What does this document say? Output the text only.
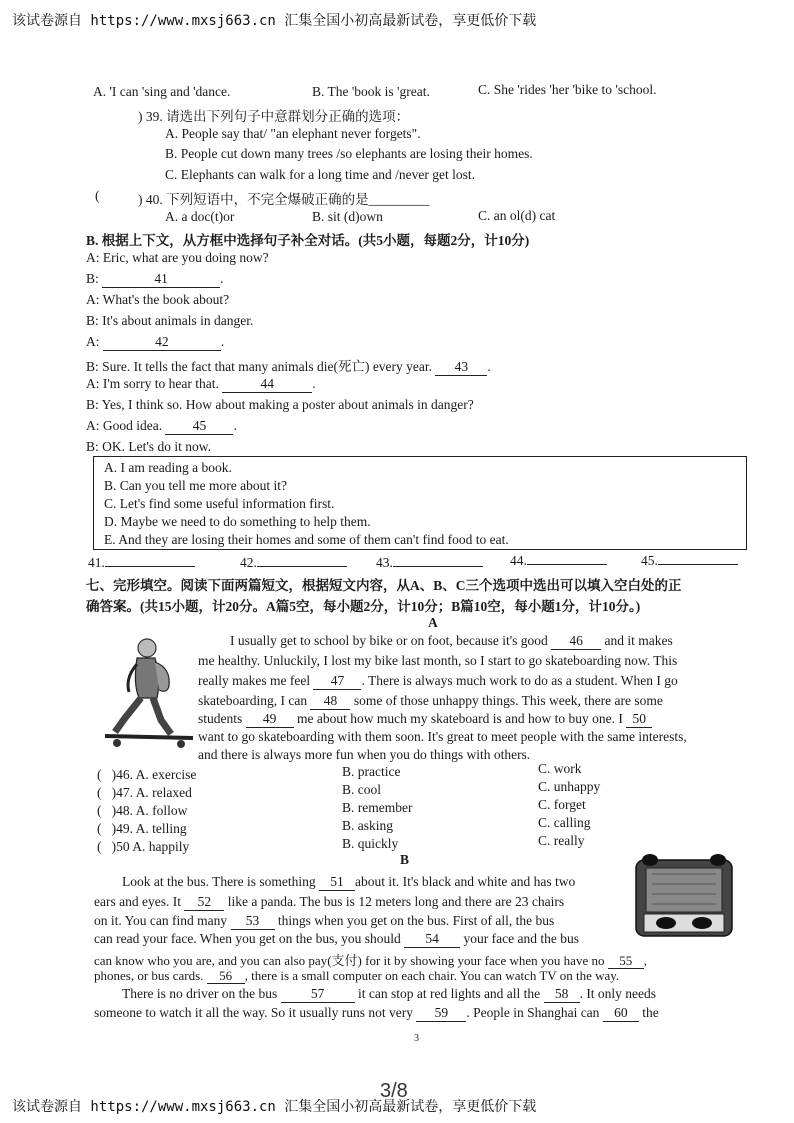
该试卷源自 https://www.mxsj663.cn 汇集全国小初高最新试卷，享更低价下载
A. 'I can 'sing and 'dance.	B. The 'book is 'great.	C. She 'rides 'her 'bike to 'school.
) 39. 请选出下列句子中意群划分正确的选项：
A. People say that/ "an elephant never forgets".
B. People cut down many trees /so elephants are losing their homes.
C. Elephants can walk for a long time and /never get lost.
(	) 40. 下列短语中，不完全爆破正确的是_________
A. a doc(t)or	B. sit (d)own	C. an ol(d) cat
B. 根据上下文，从方框中选择句子补全对话。(共5小题，每题2分，计10分)
A: Eric, what are you doing now?
B:	41	.
A: What's the book about?
B: It's about animals in danger.
A:	42	.
B: Sure. It tells the fact that many animals die(死亡) every year. 43 .
A: I'm sorry to hear that.	44	.
B: Yes, I think so. How about making a poster about animals in danger?
A: Good idea. 45 .
B: OK. Let's do it now.
A. I am reading a book.
B. Can you tell me more about it?
C. Let's find some useful information first.
D. Maybe we need to do something to help them.
E. And they are losing their homes and some of them can't find food to eat.
41.	42.	43.	44.	45.
七、完形填空。阅读下面两篇短文，根据短文内容，从A、B、C三个选项中选出可以填入空白处的正
确答案。(共15小题，计20分。A篇5空，每小题2分，计10分；B篇10空，每小题1分，计10分。)
A
I usually get to school by bike or on foot, because it's good 46 and it makes
me healthy. Unluckily, I lost my bike last month, so I start to go skateboarding now. This
really makes me feel 47 . There is always much work to do as a student. When I go
skateboarding, I can 48 some of those unhappy things. This week, there are some
students 49 me about how much my skateboard is and how to buy one. I 50
want to go skateboarding with them soon. It's great to meet people with the same interests,
and there is always more fun when you do things with others.
( )46. A. exercise	B. practice	C. work
( )47. A. relaxed	B. cool	C. unhappy
( )48. A. follow	B. remember	C. forget
( )49. A. telling	B. asking	C. calling
( )50 A. happily	B. quickly	C. really
B
Look at the bus. There is something 51 about it. It's black and white and has two
ears and eyes. It 52 like a panda. The bus is 12 meters long and there are 23 chairs
on it. You can find many 53 things when you get on the bus. First of all, the bus
can read your face. When you get on the bus, you should 54 your face and the bus
can know who you are, and you can also pay(支付) for it by showing your face when you have no 55 ,
phones, or bus cards. 56 , there is a small computer on each chair. You can watch TV on the way.
There is no driver on the bus 57 it can stop at red lights and all the 58 . It only needs
someone to watch it all the way. So it usually runs not very 59 . People in Shanghai can 60 the
3
3/8
该试卷源自 https://www.mxsj663.cn 汇集全国小初高最新试卷，享更低价下载
